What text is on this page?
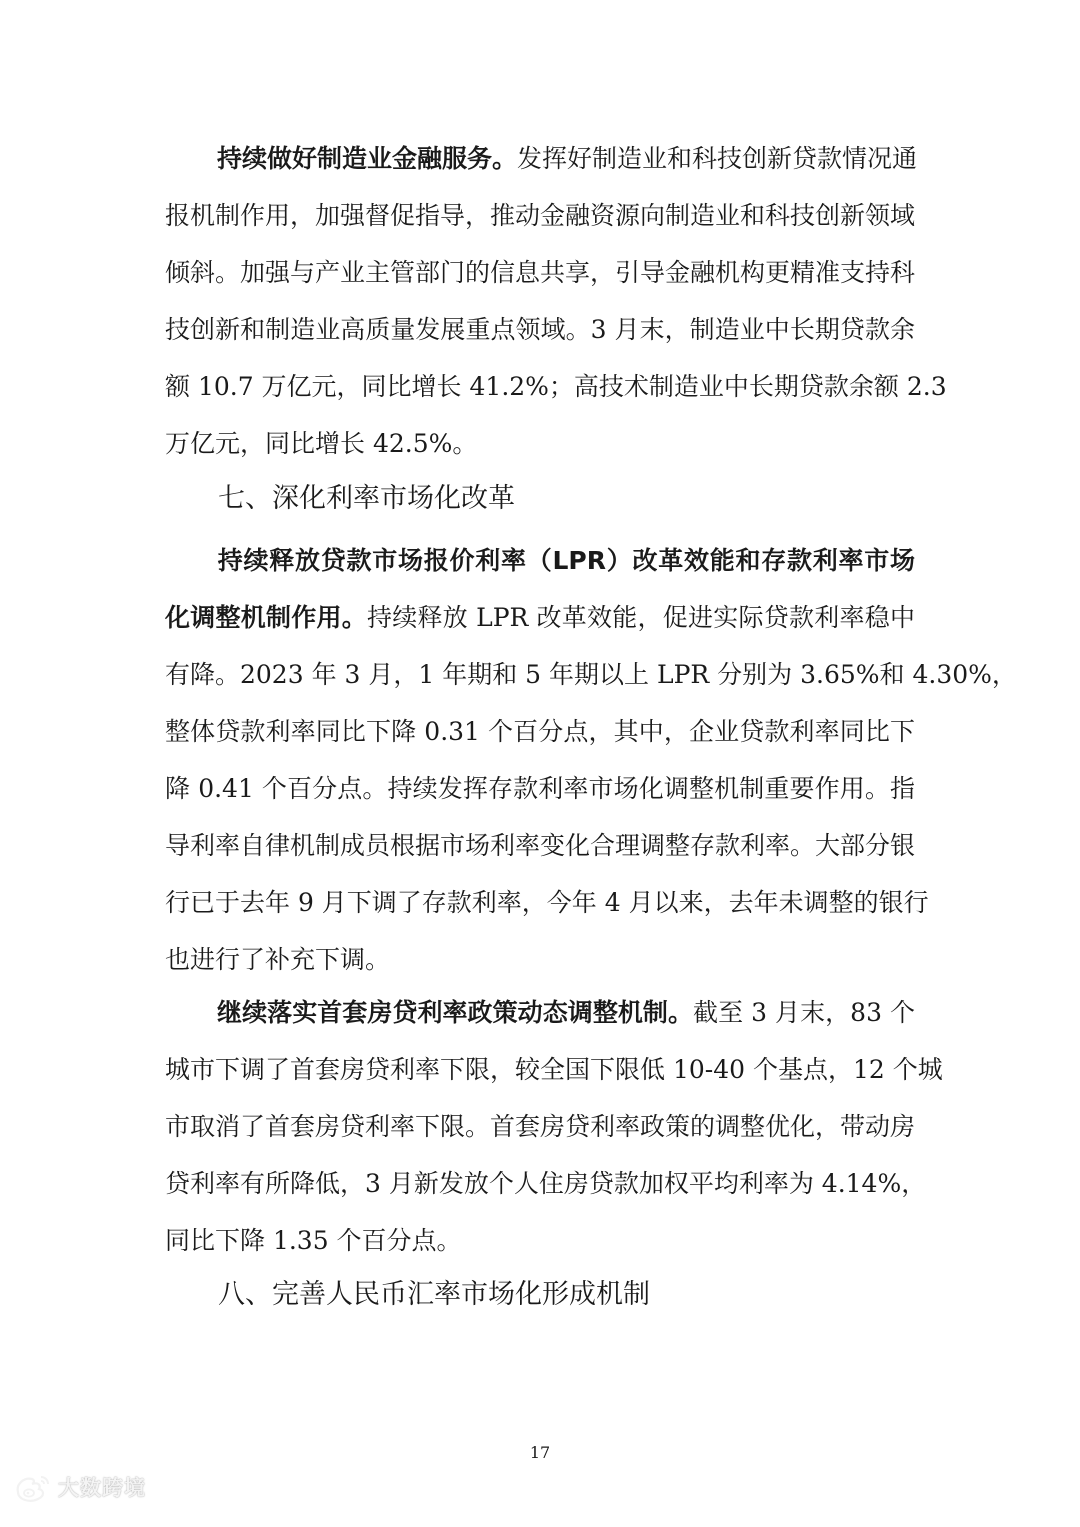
持续做好制造业金融服务。发挥好制造业和科技创新贷款情况通
报机制作用，加强督促指导，推动金融资源向制造业和科技创新领域
倾斜。加强与产业主管部门的信息共享，引导金融机构更精准支持科
技创新和制造业高质量发展重点领域。3 月末，制造业中长期贷款余
额 10.7 万亿元，同比增长 41.2%；高技术制造业中长期贷款余额 2.3
万亿元，同比增长 42.5%。
七、深化利率市场化改革
持续释放贷款市场报价利率（LPR）改革效能和存款利率市场
化调整机制作用。持续释放 LPR 改革效能，促进实际贷款利率稳中
有降。2023 年 3 月，1 年期和 5 年期以上 LPR 分别为 3.65%和 4.30%，
整体贷款利率同比下降 0.31 个百分点，其中，企业贷款利率同比下
降 0.41 个百分点。持续发挥存款利率市场化调整机制重要作用。指
导利率自律机制成员根据市场利率变化合理调整存款利率。大部分银
行已于去年 9 月下调了存款利率，今年 4 月以来，去年未调整的银行
也进行了补充下调。
继续落实首套房贷利率政策动态调整机制。截至 3 月末，83 个
城市下调了首套房贷利率下限，较全国下限低 10-40 个基点，12 个城
市取消了首套房贷利率下限。首套房贷利率政策的调整优化，带动房
贷利率有所降低，3 月新发放个人住房贷款加权平均利率为 4.14%，
同比下降 1.35 个百分点。
八、完善人民币汇率市场化形成机制
17
大数跨境
